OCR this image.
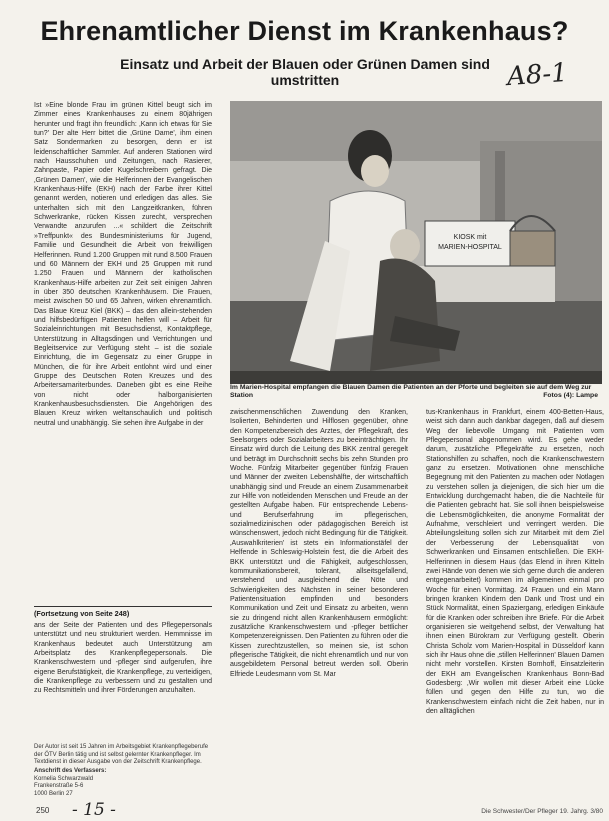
Ehrenamtlicher Dienst im Krankenhaus?
Einsatz und Arbeit der Blauen oder Grünen Damen sind umstritten	A8-1

Ist »Eine blonde Frau im grünen Kittel beugt sich im Zimmer eines Krankenhauses zu einem 80jährigen herunter und fragt ihn freundlich: ‚Kann ich etwas für Sie tun?' Der alte Herr bittet die ‚Grüne Dame', ihm einen Satz Sondermarken zu besorgen, denn er ist leidenschaftlicher Sammler. Auf anderen Stationen wird nach Hausschuhen und Zeitungen, nach Rasierer, Zahnpaste, Papier oder Kugelschreibern gefragt. Die ‚Grünen Damen', wie die Helferinnen der Evangelischen Krankenhaus-Hilfe (EKH) nach der Farbe ihrer Kittel genannt werden, notieren und erledigen das alles. Sie unterhalten sich mit den Langzeitkranken, führen Schwerkranke, rücken Kissen zurecht, versprechen Verwandte anzurufen ...« schildert die Zeitschrift »Treffpunkt« des Bundesministeriums für Jugend, Familie und Gesundheit die Arbeit von freiwilligen Helferinnen. Rund 1.200 Gruppen mit rund 8.500 Frauen und 60 Männern der EKH und 25 Gruppen mit rund 1.250 Frauen und Männern der katholischen Krankenhaus-Hilfe arbeiten zur Zeit seit einigen Jahren in über 350 deutschen Krankenhäusern. Die Frauen, meist zwischen 50 und 65 Jahren, wirken ehrenamtlich. Das Blaue Kreuz Kiel (BKK) – das den allein-stehenden und hilfsbedürftigen Patienten helfen will – Arbeit für Sozialeinrichtungen mit Besuchsdienst, Kontaktpflege, Unterstützung in Alltagsdingen und Verrichtungen und Begleitservice zur Verfügung steht – ist die soziale Einrichtung, die im Gegensatz zu einer Gruppe in München, die für ihre Arbeit entlohnt wird und einer Gruppe des Deutschen Roten Kreuzes und des Arbeitersamariterbundes. Daneben gibt es eine Reihe von nicht oder halborganisierten Krankenhausbesuchsdiensten. Die Angehörigen des Blauen Kreuz wirken weltanschaulich und politisch neutral und unabhängig. Sie sehen ihre Aufgabe in der

(Fortsetzung von Seite 248)

ans der Seite der Patienten und des Pflegepersonals unterstützt und neu strukturiert werden. Hemmnisse im Krankenhaus bedeutet auch Unterstützung am Arbeitsplatz des Krankenpflegepersonals. Die Krankenschwestern und -pfleger sind aufgerufen, ihre eigene Berufstätigkeit, die Krankenpflege, zu verteidigen, die Krankenpflege zu verbessern und zu gestalten und zu Rechtsmitteln und ihrer Förderungen anzuhalten.

Der Autor ist seit 15 Jahren im Arbeitsgebiet Krankenpflegeberufe der ÖTV Berlin tätig und ist selbst gelernter Krankenpfleger. Im Textdienst in dieser Ausgabe von der Zeitschrift Krankenpflege.
Anschrift des Verfassers:
Kornelia Schwarzwald
Frankenstraße 5-6
1000 Berlin 27
KIOSK mit
MARIEN-HOSPITAL
Im Marien-Hospital empfangen die Blauen Damen die Patienten an der Pforte und begleiten sie auf dem Weg zur Station	Fotos (4): Lampe

zwischenmenschlichen Zuwendung den Kranken, Isolierten, Behinderten und Hilflosen gegenüber, ohne den Kompetenzbereich des Arztes, der Pflegekraft, des Seelsorgers oder Sozialarbeiters zu beeinträchtigen. Ihr Einsatz wird durch die Leitung des BKK zentral geregelt und beträgt im Durchschnitt sechs bis zehn Stunden pro Woche. Fünfzig Mitarbeiter gegenüber fünfzig Frauen und Männer der zweiten Lebenshälfte, der wirtschaftlich unabhängig sind und Freude an einem Zusammenarbeit zur Hilfe von notleidenden Menschen und Freude an der gestellten Aufgabe haben. Für entsprechende Lebens- und Berufserfahrung im pflegerischen, sozialmedizinischen oder pädagogischen Bereich ist wünschenswert, jedoch nicht Bedingung für die Tätigkeit. ‚Auswahlkriterien' ist stets ein Informationstäfel der Helfende in Schleswig-Holstein fest, die die Arbeit des BKK unterstützt und die Fähigkeit, aufgeschlossen, kommunikationsbereit, tolerant, allseitsgefallend, verstehend und ausgleichend die Nöte und Schwierigkeiten des Nächsten in seiner besonderen Patientensituation empfinden und besonders Kommunikation und Zeit und Einsatz zu arbeiten, wenn sie zu dringend nicht allen Krankenhäusern ermöglicht: zusätzliche Krankenschwestern und -pfleger bettlicher Kompetenzereignissen. Den Patienten zu führen oder die Kissen zurechtzustellen, so meinen sie, ist schon pflegerische Tätigkeit, die nicht ehrenamtlich und nur von ausgebildetem Personal betreut werden soll. Oberin Elfriede Leudesmann vom St. Mar

tus-Krankenhaus in Frankfurt, einem 400-Betten-Haus, weist sich dann auch dankbar dagegen, daß auf diesem Weg der liebevolle Umgang mit Patienten vom Pflegepersonal abgenommen wird. Es gehe weder darum, zusätzliche Pflegekräfte zu ersetzen, noch Stationshilfen zu schaffen, noch die Krankenschwestern ganz zu ersetzen. Motivationen ohne menschliche Begegnung mit den Patienten zu machen oder Notlagen zu verstehen sollen ja diejenigen, die sich hier um die Entwicklung durchgemacht haben, die die Nachteile für die Patienten gebracht hat. Sie soll ihnen beispielsweise die Lebensmöglichkeiten, die anonyme Formalität der Aufnahme, verschleiert und verringert werden. Die Abteilungsleitung sollen sich zur Mitarbeit mit dem Ziel der Verbesserung der Lebensqualität von Schwerkranken und Einsamen entschließen. Die EKH-Helferinnen in diesem Haus (das Elend in ihren Kitteln zwei Hände von denen wie sich gerne durch die anderen entgegenarbeitet) kommen im allgemeinen einmal pro Woche für einen Vormittag. 24 Frauen und ein Mann bringen kranken Kindern den Dank und Trost und ein Stück Normalität, einen Spaziergang, erledigen Einkäufe für die Kranken oder schreiben ihre Briefe. Für die Arbeit organisieren sie weitgehend selbst, der Verwaltung hat ihnen einen Bürokram zur Verfügung gestellt. Oberin Christa Scholz vom Marien-Hospital in Düsseldorf kann sich ihr Haus ohne die ‚stillen Helferinnen' Blauen Damen nicht mehr vorstellen. Kirsten Bornhoff, Einsatzleiterin der EKH am Evangelischen Krankenhaus Bonn-Bad Godesberg: ‚Wir wollen mit dieser Arbeit eine Lücke füllen und gegen den Hilfe zu tun, wo die Krankenschwestern einfach nicht die Zeit haben, nur in den alltäglichen

250 - 15 -	Die Schwester/Der Pfleger 19. Jahrg. 3/80
